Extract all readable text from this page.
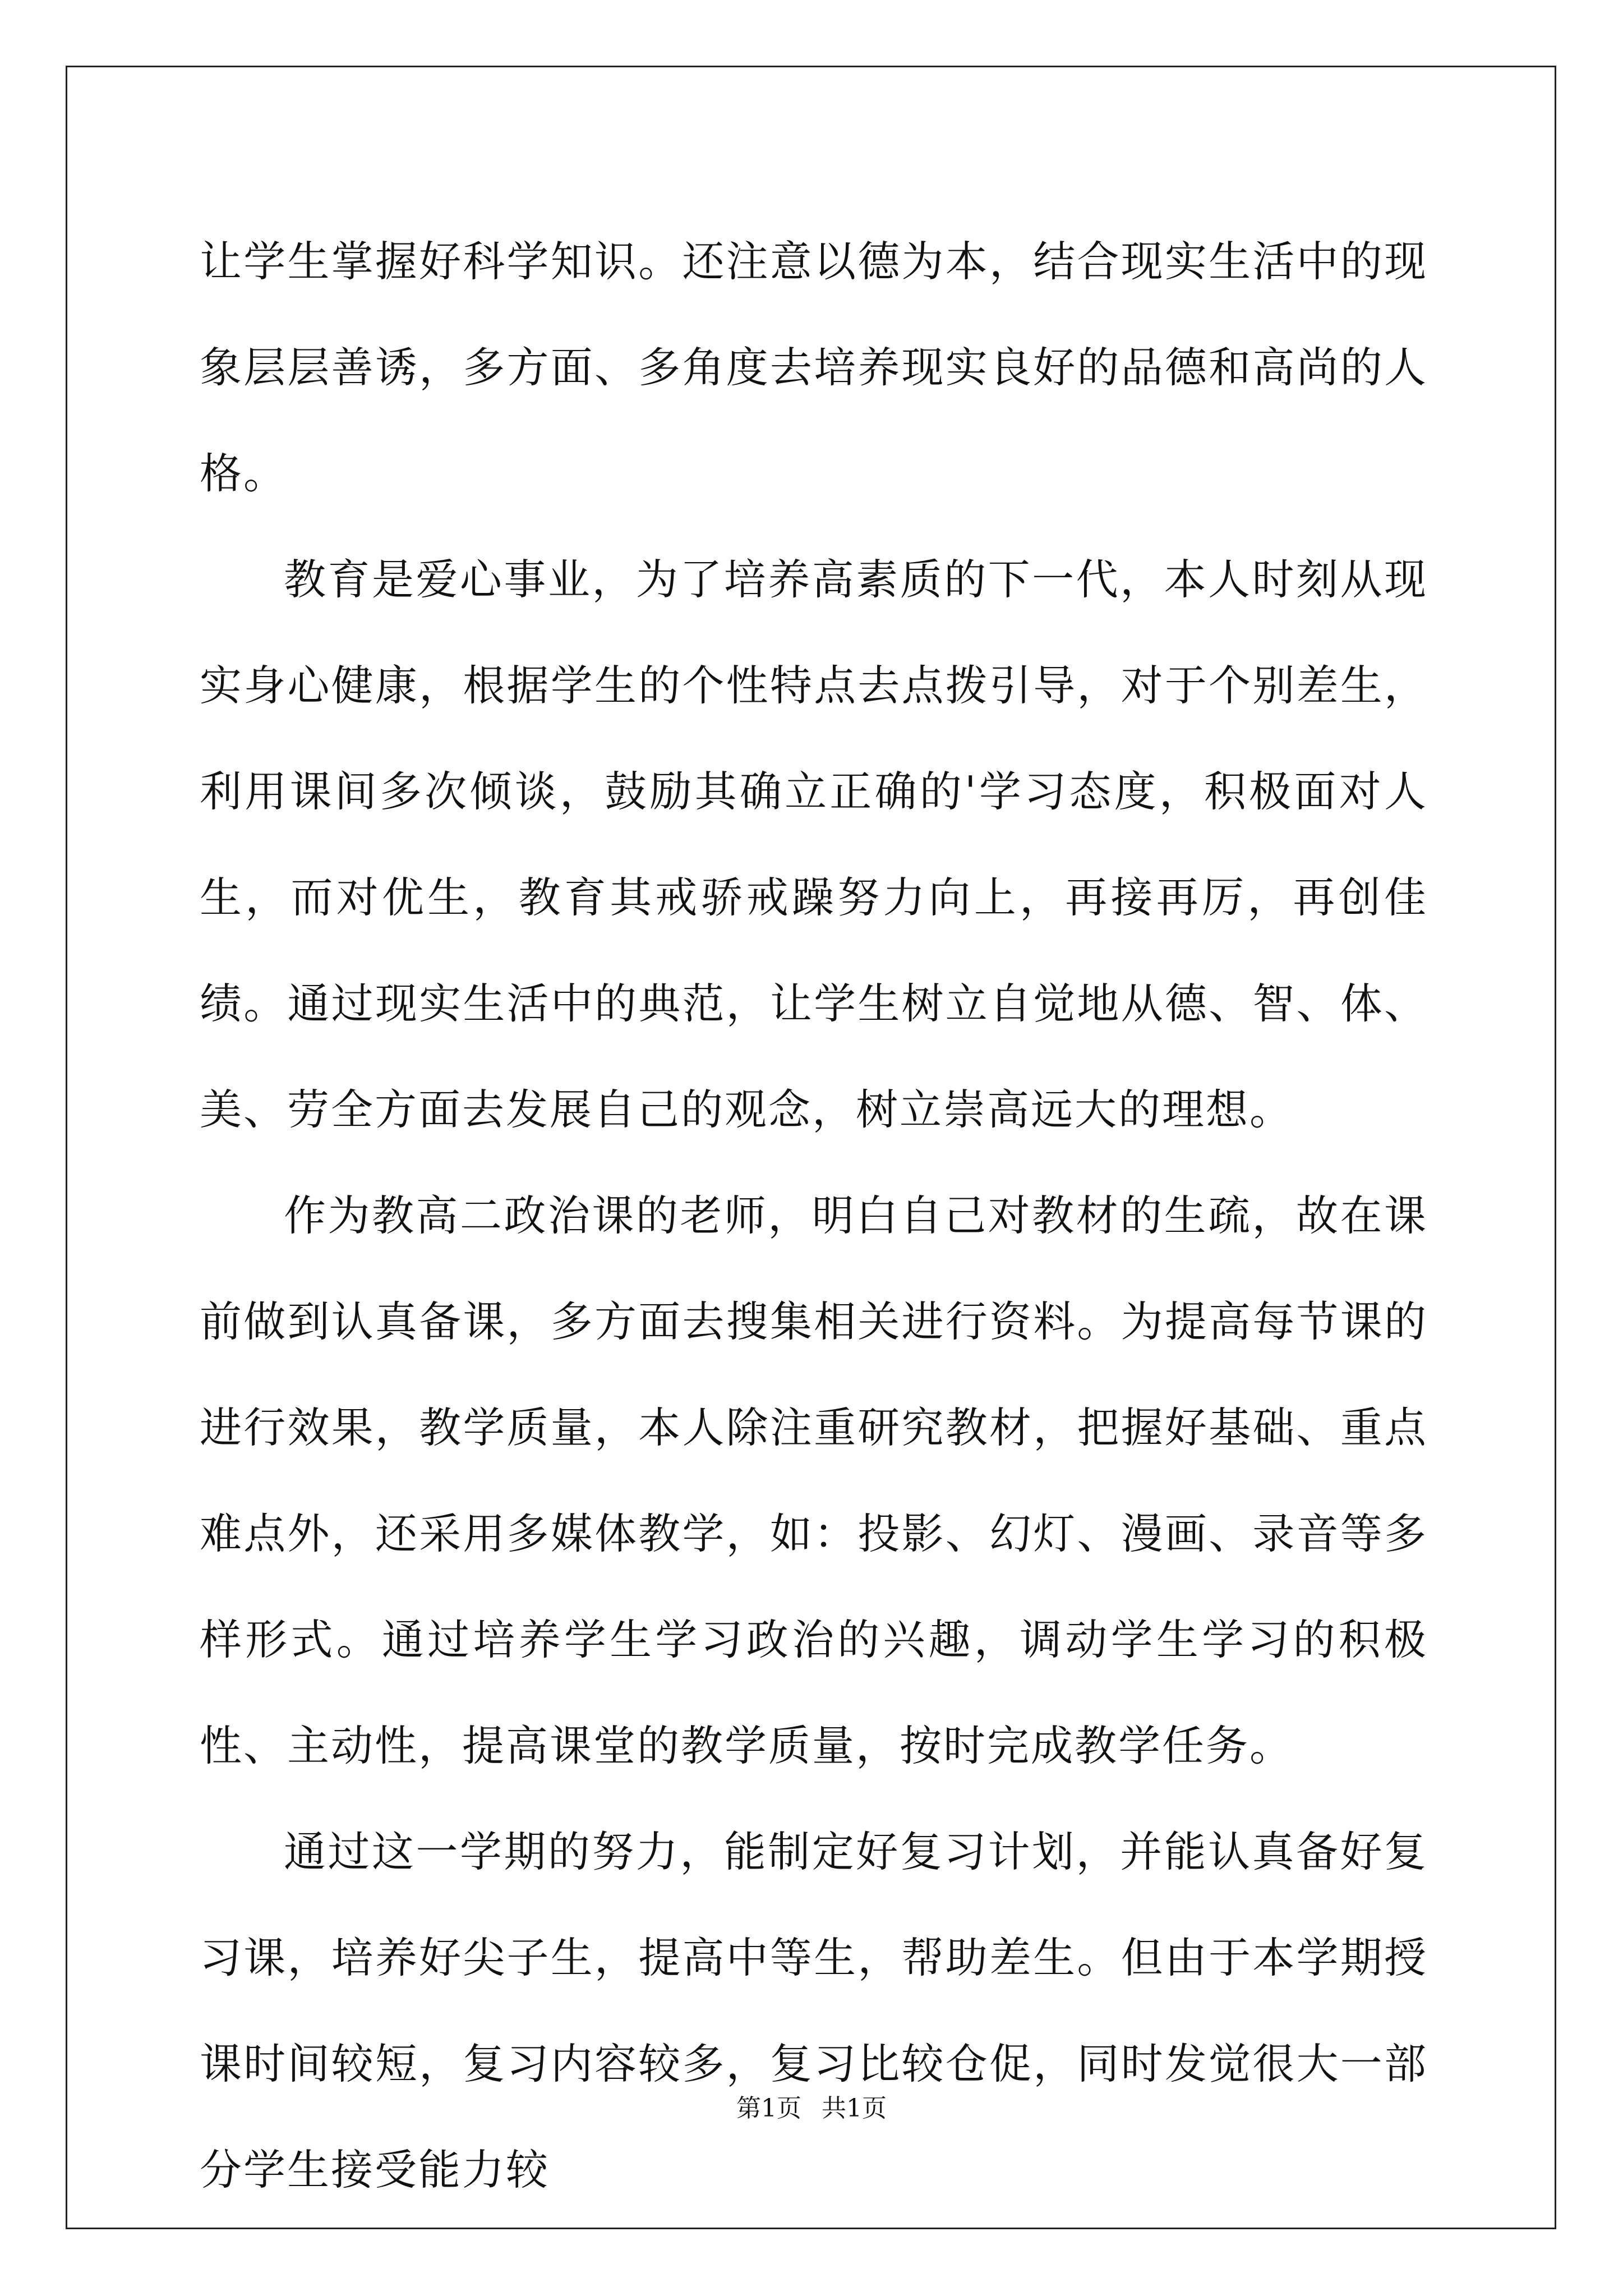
让学生掌握好科学知识。还注意以德为本，结合现实生活中的现象层层善诱，多方面、多角度去培养现实良好的品德和高尚的人格。

教育是爱心事业，为了培养高素质的下一代，本人时刻从现实身心健康，根据学生的个性特点去点拨引导，对于个别差生，利用课间多次倾谈，鼓励其确立正确的'学习态度，积极面对人生，而对优生，教育其戒骄戒躁努力向上，再接再厉，再创佳绩。通过现实生活中的典范，让学生树立自觉地从德、智、体、美、劳全方面去发展自己的观念，树立崇高远大的理想。

作为教高二政治课的老师，明白自己对教材的生疏，故在课前做到认真备课，多方面去搜集相关进行资料。为提高每节课的进行效果，教学质量，本人除注重研究教材，把握好基础、重点难点外，还采用多媒体教学，如：投影、幻灯、漫画、录音等多样形式。通过培养学生学习政治的兴趣，调动学生学习的积极性、主动性，提高课堂的教学质量，按时完成教学任务。

通过这一学期的努力，能制定好复习计划，并能认真备好复习课，培养好尖子生，提高中等生，帮助差生。但由于本学期授课时间较短，复习内容较多，复习比较仓促，同时发觉很大一部分学生接受能力较

第1页 共1页
